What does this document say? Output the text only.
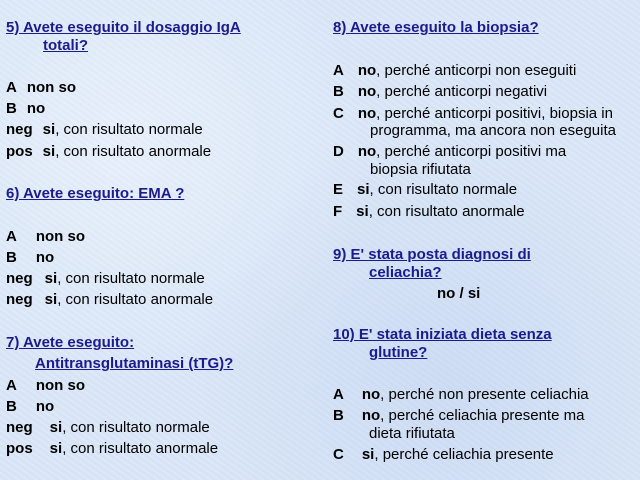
5) Avete eseguito il dosaggio IgA
totali?
A non so
B no
neg si, con risultato normale
pos si, con risultato anormale
6) Avete eseguito: EMA ?
A non so
B no
neg si, con risultato normale
neg si, con risultato anormale
7) Avete eseguito:
Antitransglutaminasi (tTG)?
A non so
B no
neg si, con risultato normale
pos si, con risultato anormale
8) Avete eseguito la biopsia?
A no, perché anticorpi non eseguiti
B no, perché anticorpi negativi
C no, perché anticorpi positivi, biopsia in
programma, ma ancora non eseguita
D no, perché anticorpi positivi ma
biopsia rifiutata
E si, con risultato normale
F si, con risultato anormale
9) E' stata posta diagnosi di
celiachia?
no / si
10) E' stata iniziata dieta senza
glutine?
A no, perché non presente celiachia
B no, perché celiachia presente ma
dieta rifiutata
C si, perché celiachia presente
